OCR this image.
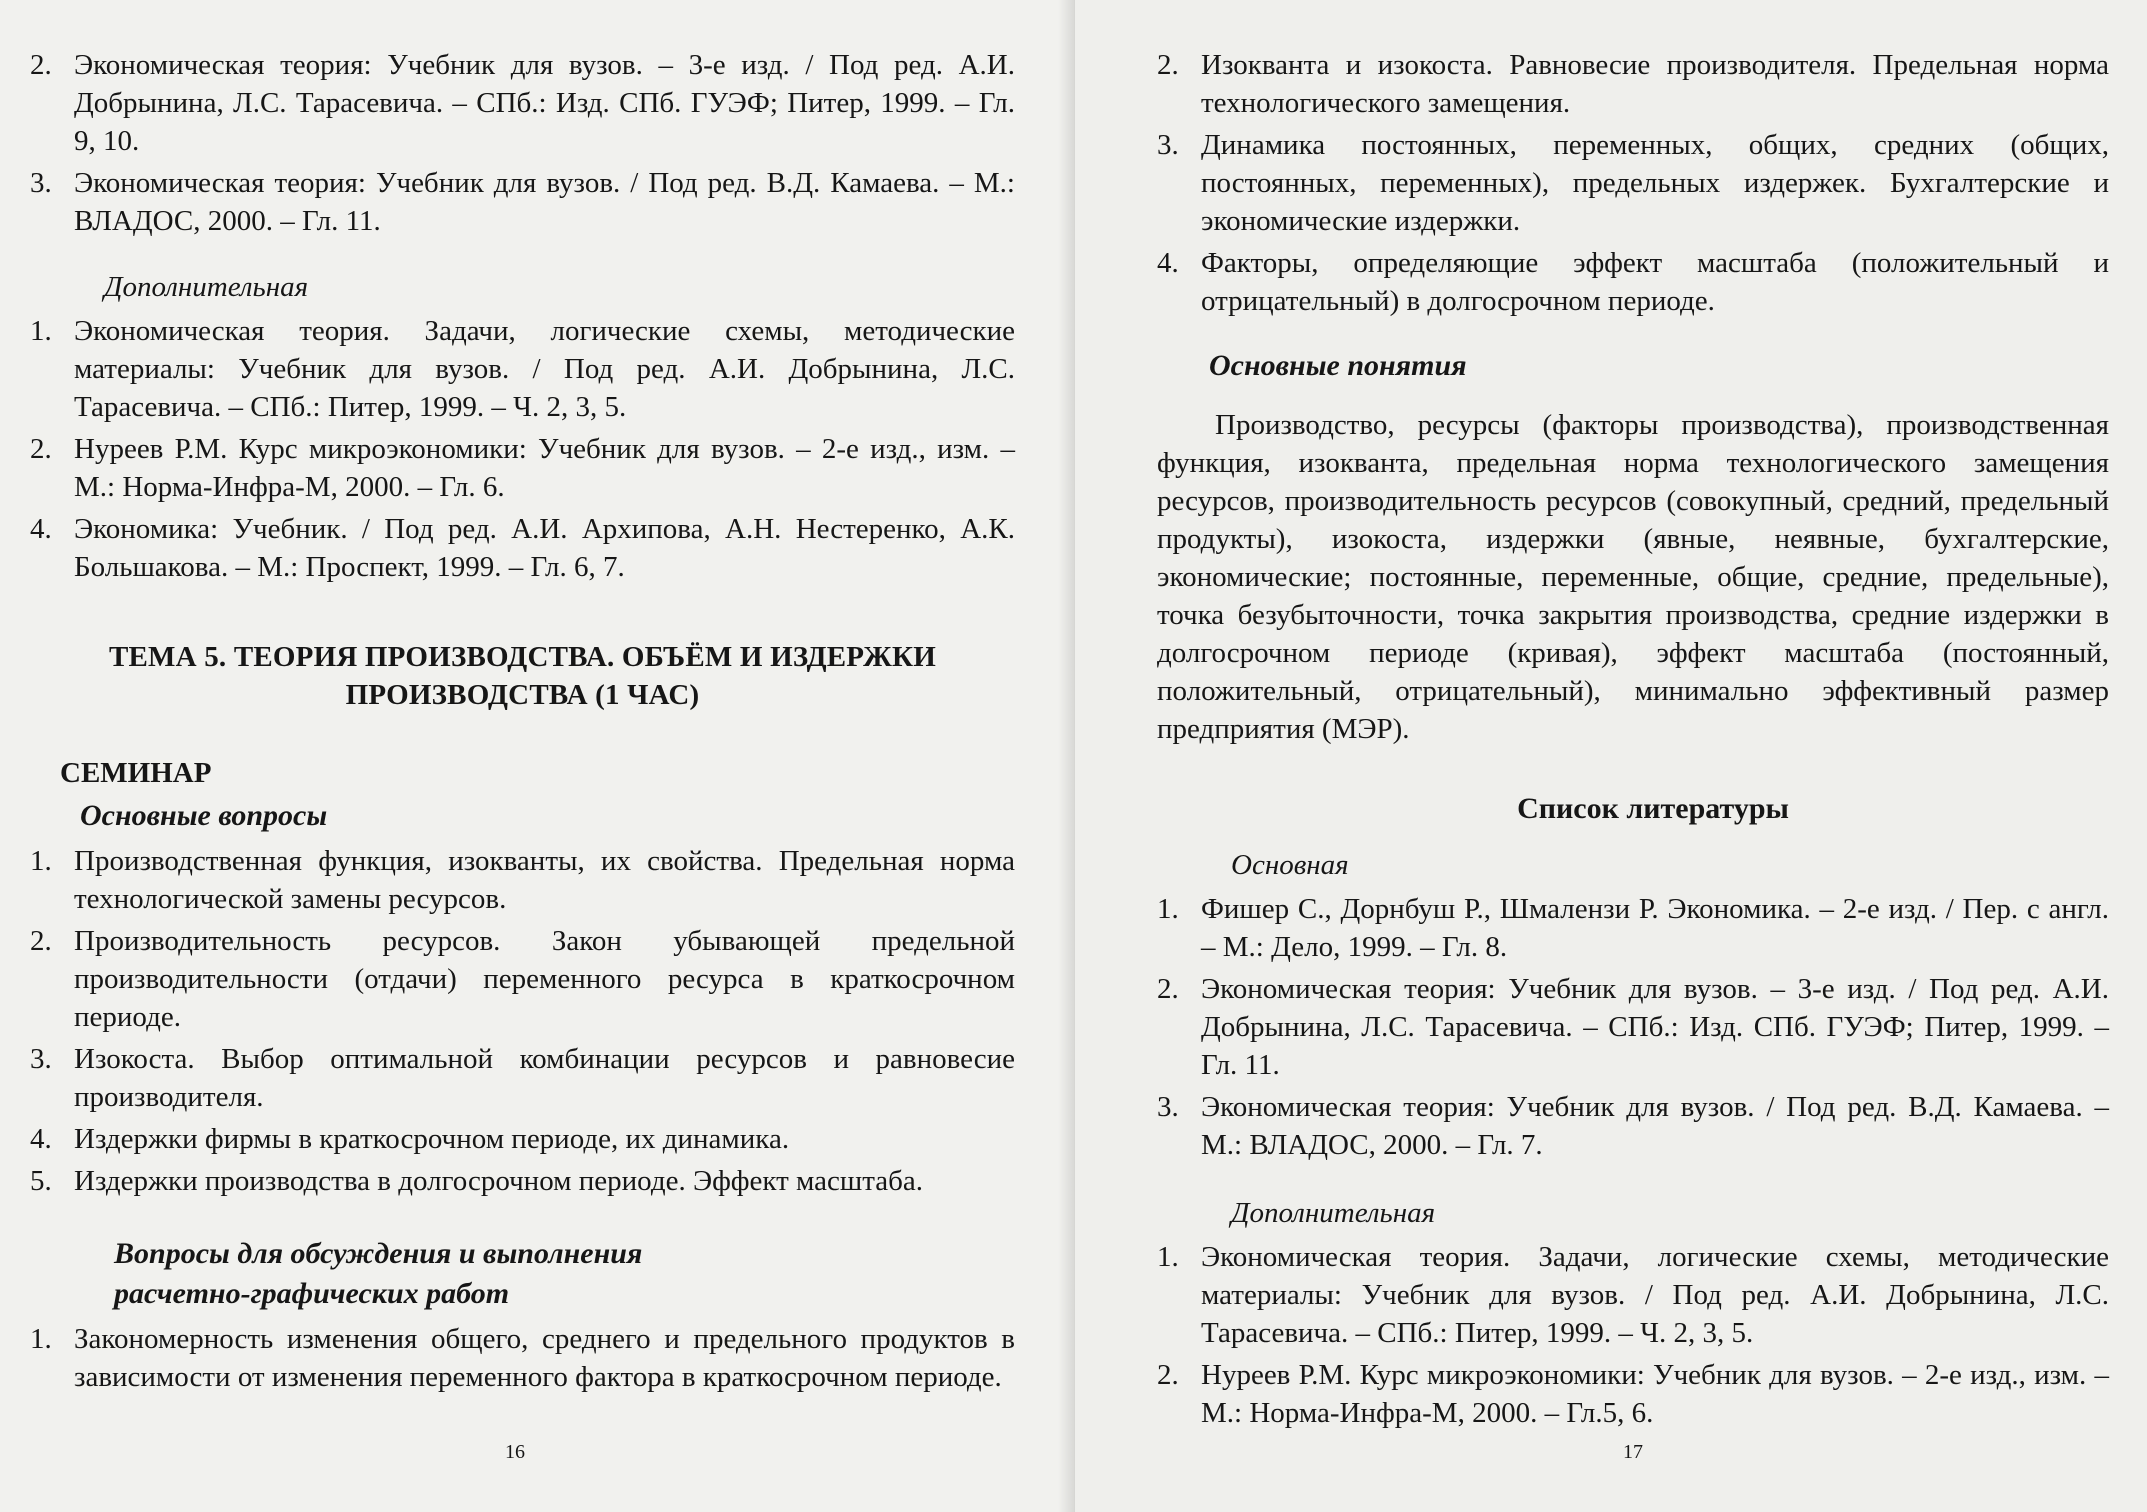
2. Экономическая теория: Учебник для вузов. – 3-е изд. / Под ред. А.И. Добрынина, Л.С. Тарасевича. – СПб.: Изд. СПб. ГУЭФ; Питер, 1999. – Гл. 9, 10.
3. Экономическая теория: Учебник для вузов. / Под ред. В.Д. Камаева. – М.: ВЛАДОС, 2000. – Гл. 11.
Дополнительная
1. Экономическая теория. Задачи, логические схемы, методические материалы: Учебник для вузов. / Под ред. А.И. Добрынина, Л.С. Тарасевича. – СПб.: Питер, 1999. – Ч. 2, 3, 5.
2. Нуреев Р.М. Курс микроэкономики: Учебник для вузов. – 2-е изд., изм. – М.: Норма-Инфра-М, 2000. – Гл. 6.
4. Экономика: Учебник. / Под ред. А.И. Архипова, А.Н. Нестеренко, А.К. Большакова. – М.: Проспект, 1999. – Гл. 6, 7.
ТЕМА 5. ТЕОРИЯ ПРОИЗВОДСТВА. ОБЪЁМ И ИЗДЕРЖКИ
ПРОИЗВОДСТВА (1 ЧАС)
СЕМИНАР
Основные вопросы
1. Производственная функция, изокванты, их свойства. Предельная норма технологической замены ресурсов.
2. Производительность ресурсов. Закон убывающей предельной производительности (отдачи) переменного ресурса в краткосрочном периоде.
3. Изокоста. Выбор оптимальной комбинации ресурсов и равновесие производителя.
4. Издержки фирмы в краткосрочном периоде, их динамика.
5. Издержки производства в долгосрочном периоде. Эффект масштаба.
Вопросы для обсуждения и выполнения
расчетно-графических работ
1. Закономерность изменения общего, среднего и предельного продуктов в зависимости от изменения переменного фактора в краткосрочном периоде.
16
2. Изокванта и изокоста. Равновесие производителя. Предельная норма технологического замещения.
3. Динамика постоянных, переменных, общих, средних (общих, постоянных, переменных), предельных издержек. Бухгалтерские и экономические издержки.
4. Факторы, определяющие эффект масштаба (положительный и отрицательный) в долгосрочном периоде.
Основные понятия
Производство, ресурсы (факторы производства), производственная функция, изокванта, предельная норма технологического замещения ресурсов, производительность ресурсов (совокупный, средний, предельный продукты), изокоста, издержки (явные, неявные, бухгалтерские, экономические; постоянные, переменные, общие, средние, предельные), точка безубыточности, точка закрытия производства, средние издержки в долгосрочном периоде (кривая), эффект масштаба (постоянный, положительный, отрицательный), минимально эффективный размер предприятия (МЭР).
Список литературы
Основная
1. Фишер С., Дорнбуш Р., Шмалензи Р. Экономика. – 2-е изд. / Пер. с англ. – М.: Дело, 1999. – Гл. 8.
2. Экономическая теория: Учебник для вузов. – 3-е изд. / Под ред. А.И. Добрынина, Л.С. Тарасевича. – СПб.: Изд. СПб. ГУЭФ; Питер, 1999. – Гл. 11.
3. Экономическая теория: Учебник для вузов. / Под ред. В.Д. Камаева. – М.: ВЛАДОС, 2000. – Гл. 7.
Дополнительная
1. Экономическая теория. Задачи, логические схемы, методические материалы: Учебник для вузов. / Под ред. А.И. Добрынина, Л.С. Тарасевича. – СПб.: Питер, 1999. – Ч. 2, 3, 5.
2. Нуреев Р.М. Курс микроэкономики: Учебник для вузов. – 2-е изд., изм. – М.: Норма-Инфра-М, 2000. – Гл.5, 6.
17
